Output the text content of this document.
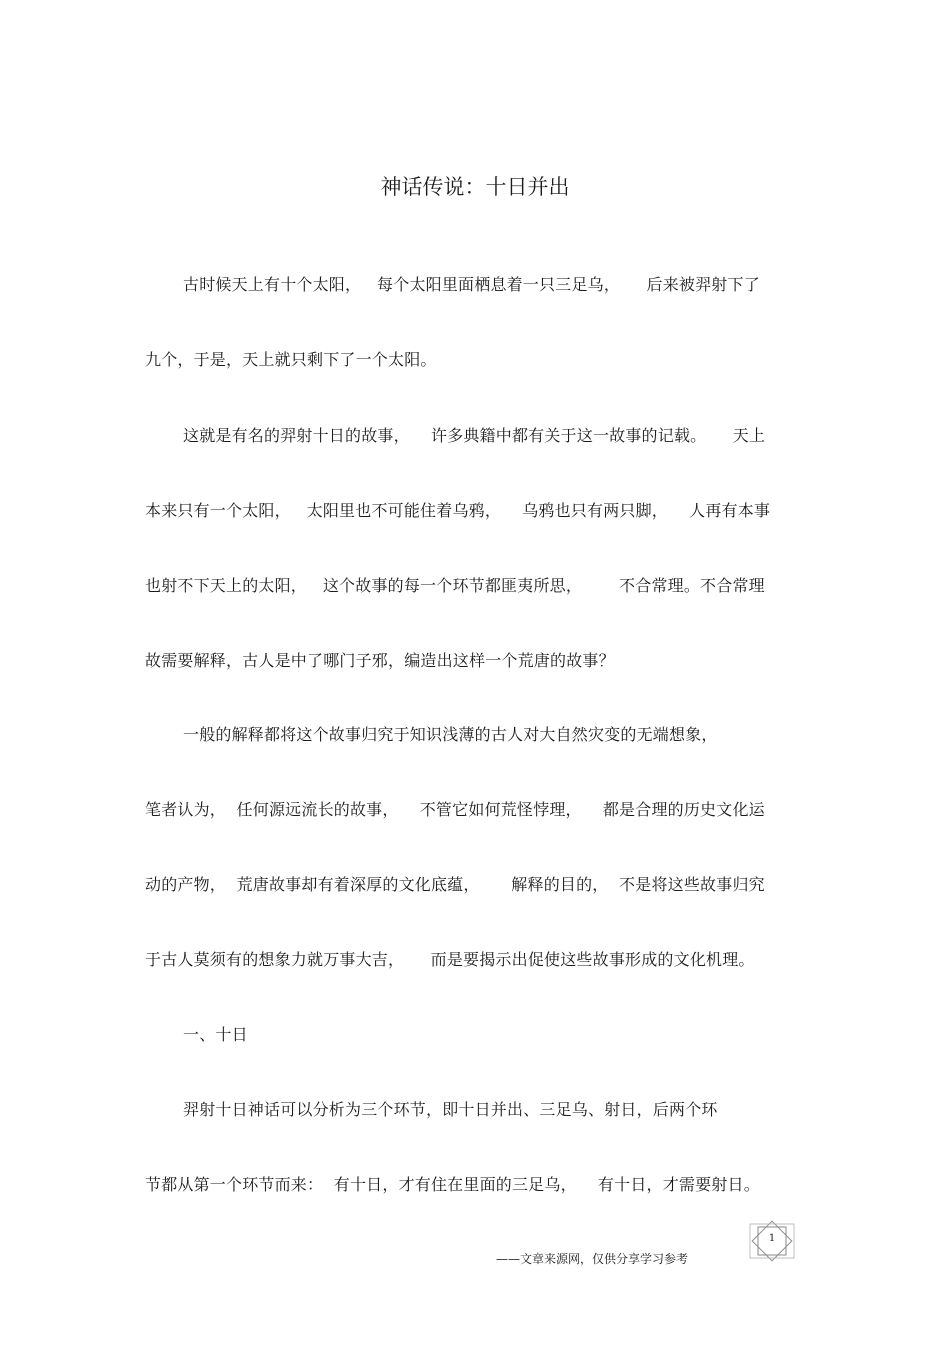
神话传说：十日并出
古时候天上有十个太阳，   每个太阳里面栖息着一只三足乌，     后来被羿射下了
九个，于是，天上就只剩下了一个太阳。
这就是有名的羿射十日的故事，    许多典籍中都有关于这一故事的记载。     天上
本来只有一个太阳，   太阳里也不可能住着乌鸦，    乌鸦也只有两只脚，    人再有本事
也射不下天上的太阳，   这个故事的每一个环节都匪夷所思，       不合常理。不合常理
故需要解释，古人是中了哪门子邪，编造出这样一个荒唐的故事？
一般的解释都将这个故事归究于知识浅薄的古人对大自然灾变的无端想象，
笔者认为，  任何源远流长的故事，    不管它如何荒怪悖理，    都是合理的历史文化运
动的产物，  荒唐故事却有着深厚的文化底蕴，      解释的目的，  不是将这些故事归究
于古人莫须有的想象力就万事大吉，     而是要揭示出促使这些故事形成的文化机理。
一、十日
羿射十日神话可以分析为三个环节，即十日并出、三足乌、射日，后两个环
节都从第一个环节而来：  有十日，才有住在里面的三足乌，    有十日，才需要射日。
——文章来源网，仅供分享学习参考
1
